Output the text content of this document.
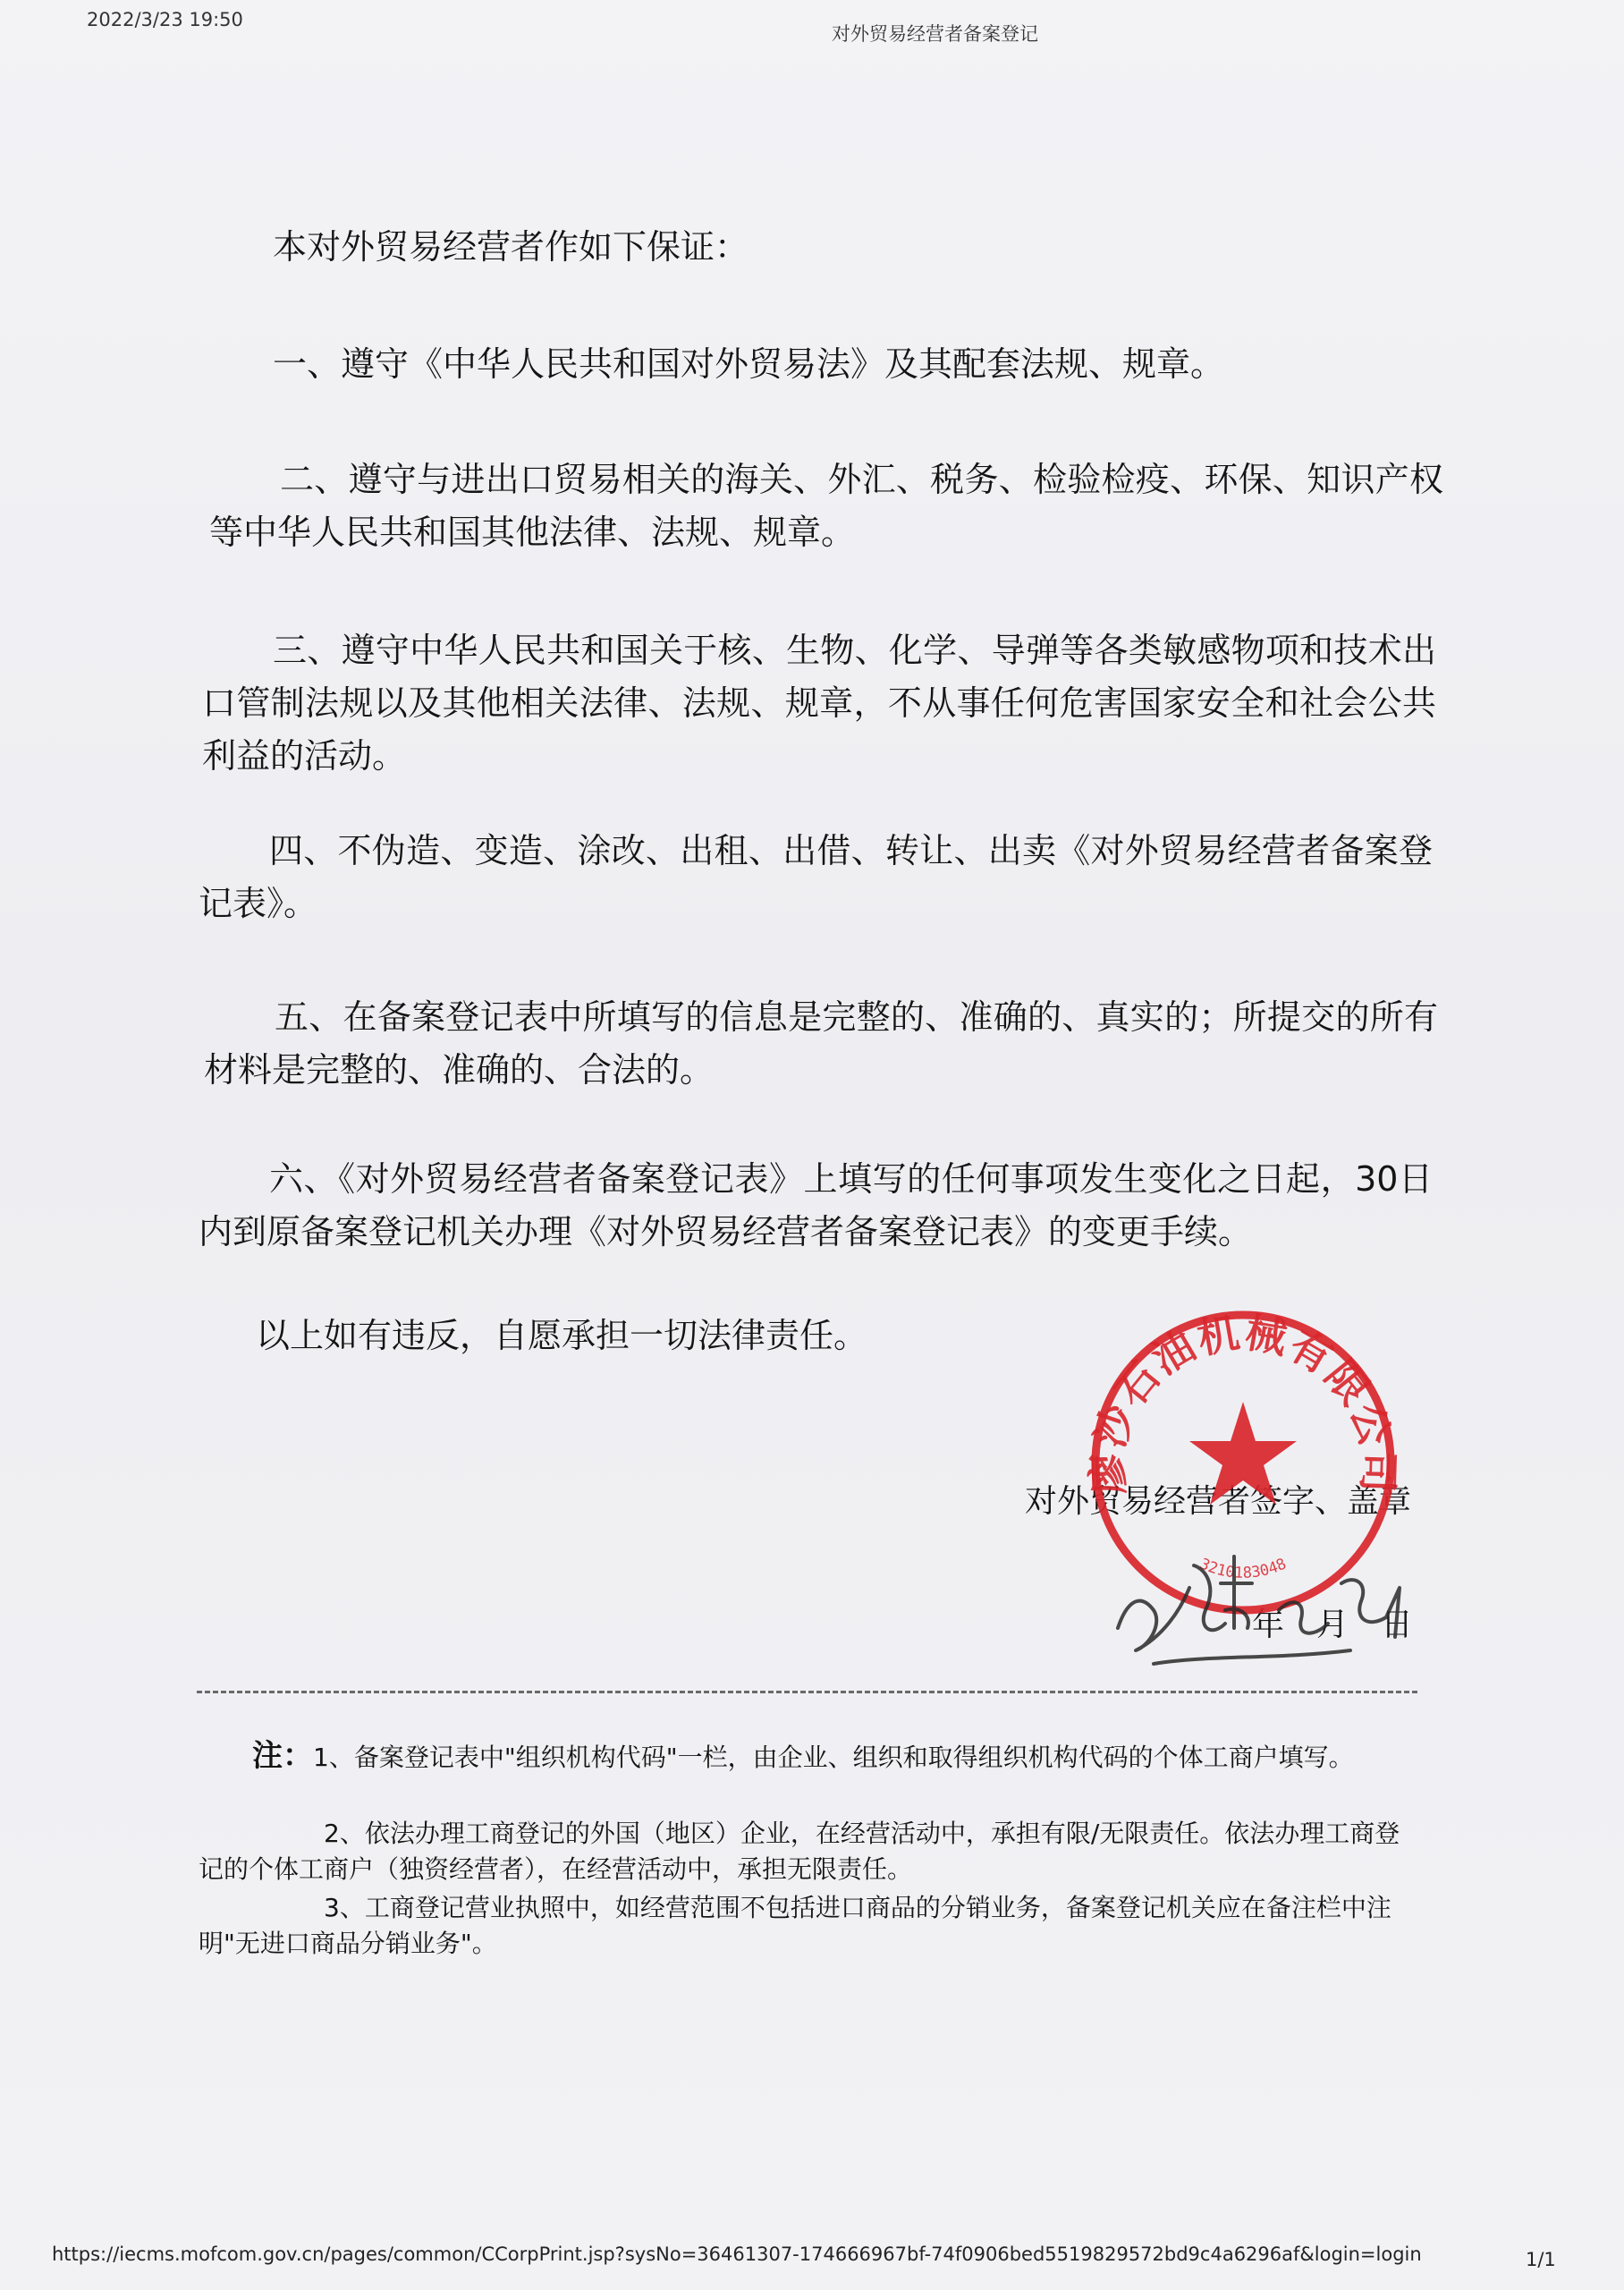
2022/3/23 19:50
对外贸易经营者备案登记
本对外贸易经营者作如下保证：
一、遵守《中华人民共和国对外贸易法》及其配套法规、规章。
二、遵守与进出口贸易相关的海关、外汇、税务、检验检疫、环保、知识产权等中华人民共和国其他法律、法规、规章。
三、遵守中华人民共和国关于核、生物、化学、导弹等各类敏感物项和技术出口管制法规以及其他相关法律、法规、规章，不从事任何危害国家安全和社会公共利益的活动。
四、不伪造、变造、涂改、出租、出借、转让、出卖《对外贸易经营者备案登记表》。
五、在备案登记表中所填写的信息是完整的、准确的、真实的；所提交的所有材料是完整的、准确的、合法的。
六、《对外贸易经营者备案登记表》上填写的任何事项发生变化之日起，30日内到原备案登记机关办理《对外贸易经营者备案登记表》的变更手续。
以上如有违反，自愿承担一切法律责任。
对外贸易经营者签字、盖章
年　月　日
廖沙石油机械有限公司
3210183048
注：1、备案登记表中"组织机构代码"一栏，由企业、组织和取得组织机构代码的个体工商户填写。
2、依法办理工商登记的外国（地区）企业，在经营活动中，承担有限/无限责任。依法办理工商登记的个体工商户（独资经营者），在经营活动中，承担无限责任。
3、工商登记营业执照中，如经营范围不包括进口商品的分销业务，备案登记机关应在备注栏中注明"无进口商品分销业务"。
https://iecms.mofcom.gov.cn/pages/common/CCorpPrint.jsp?sysNo=36461307-174666967bf-74f0906bed5519829572bd9c4a6296af&login=login	1/1
